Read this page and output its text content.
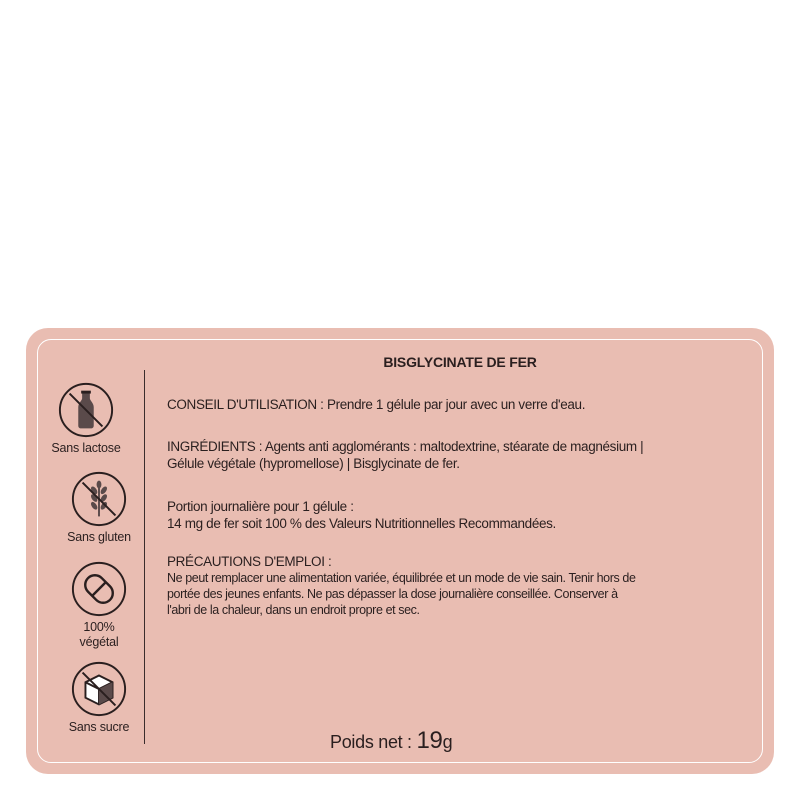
Sans lactose
Sans gluten
100%
végétal
Sans sucre
BISGLYCINATE DE FER
CONSEIL D'UTILISATION : Prendre 1 gélule par jour avec un verre d'eau.
INGRÉDIENTS : Agents anti agglomérants : maltodextrine, stéarate de magnésium |
Gélule végétale (hypromellose) | Bisglycinate de fer.
Portion journalière pour 1 gélule :
14 mg de fer soit 100 % des Valeurs Nutritionnelles Recommandées.
PRÉCAUTIONS D'EMPLOI :
Ne peut remplacer une alimentation variée, équilibrée et un mode de vie sain. Tenir hors de
portée des jeunes enfants. Ne pas dépasser la dose journalière conseillée. Conserver à
l'abri de la chaleur, dans un endroit propre et sec.
Poids net : 19g
